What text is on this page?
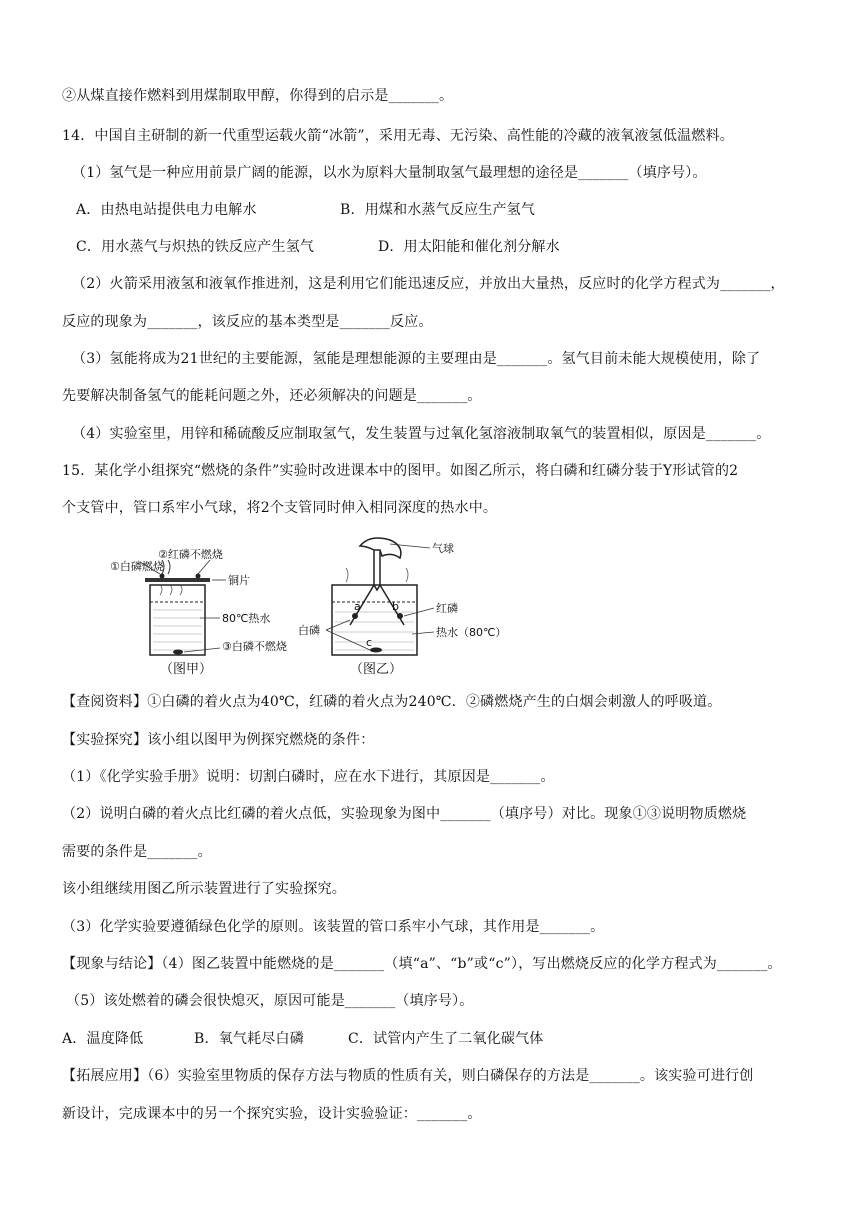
②从煤直接作燃料到用煤制取甲醇，你得到的启示是_______。
14．中国自主研制的新一代重型运载火箭“冰箭”，采用无毒、无污染、高性能的冷藏的液氧液氢低温燃料。
（1）氢气是一种应用前景广阔的能源，以水为原料大量制取氢气最理想的途径是_______（填序号）。
A．由热电站提供电力电解水	B．用煤和水蒸气反应生产氢气
C．用水蒸气与炽热的铁反应产生氢气	D．用太阳能和催化剂分解水
（2）火箭采用液氢和液氧作推进剂，这是利用它们能迅速反应，并放出大量热，反应时的化学方程式为_______，
反应的现象为_______，该反应的基本类型是_______反应。
（3）氢能将成为21世纪的主要能源，氢能是理想能源的主要理由是_______。氢气目前未能大规模使用，除了
先要解决制备氢气的能耗问题之外，还必须解决的问题是_______。
（4）实验室里，用锌和稀硫酸反应制取氢气，发生装置与过氧化氢溶液制取氧气的装置相似，原因是_______。
15．某化学小组探究“燃烧的条件”实验时改进课本中的图甲。如图乙所示，将白磷和红磷分装于Y形试管的2
个支管中，管口系牢小气球，将2个支管同时伸入相同深度的热水中。
②红磷不燃烧
①白磷燃烧
铜片
80℃热水
③白磷不燃烧
a	b
c
气球
红磷
白磷	热水（80℃）
（图甲）	（图乙）
【查阅资料】①白磷的着火点为40℃，红磷的着火点为240℃．②磷燃烧产生的白烟会刺激人的呼吸道。
【实验探究】该小组以图甲为例探究燃烧的条件：
（1）《化学实验手册》说明：切割白磷时，应在水下进行，其原因是_______。
（2）说明白磷的着火点比红磷的着火点低，实验现象为图中_______（填序号）对比。现象①③说明物质燃烧
需要的条件是_______。
该小组继续用图乙所示装置进行了实验探究。
（3）化学实验要遵循绿色化学的原则。该装置的管口系牢小气球，其作用是_______。
【现象与结论】（4）图乙装置中能燃烧的是_______（填“a”、“b”或“c”），写出燃烧反应的化学方程式为_______。
（5）该处燃着的磷会很快熄灭，原因可能是_______（填序号）。
A．温度降低	B．氧气耗尽白磷	C．试管内产生了二氧化碳气体
【拓展应用】（6）实验室里物质的保存方法与物质的性质有关，则白磷保存的方法是_______。该实验可进行创
新设计，完成课本中的另一个探究实验，设计实验验证：_______。
